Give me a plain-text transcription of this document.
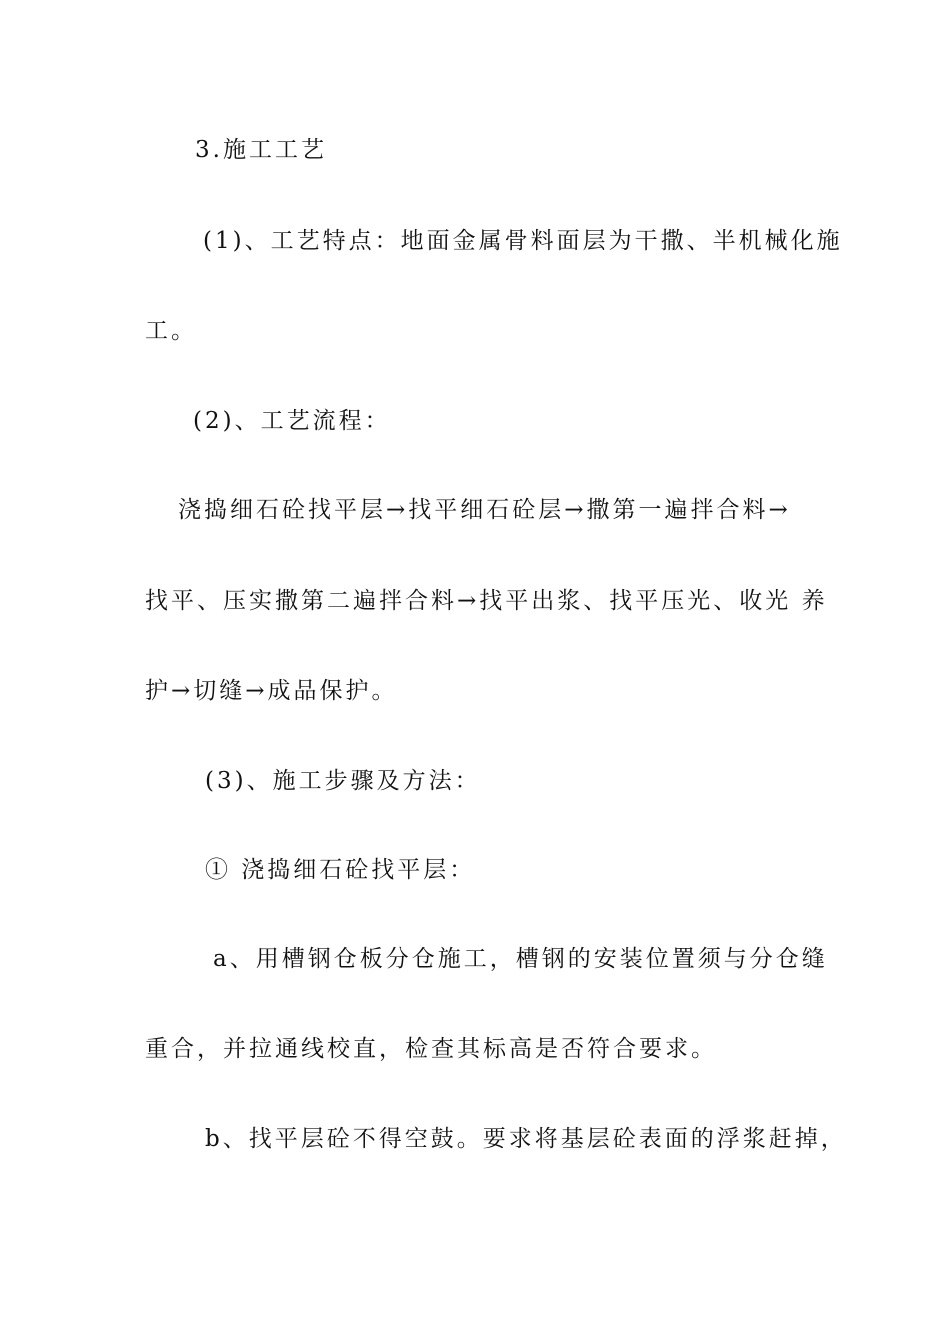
3.施工工艺
(1)、工艺特点：地面金属骨料面层为干撒、半机械化施
工。
(2)、工艺流程：
浇捣细石砼找平层→找平细石砼层→撒第一遍拌合料→
找平、压实撒第二遍拌合料→找平出浆、找平压光、收光 养
护→切缝→成品保护。
(3)、施工步骤及方法：
① 浇捣细石砼找平层：
a、用槽钢仓板分仓施工，槽钢的安装位置须与分仓缝
重合，并拉通线校直，检查其标高是否符合要求。
b、找平层砼不得空鼓。要求将基层砼表面的浮浆赶掉，
